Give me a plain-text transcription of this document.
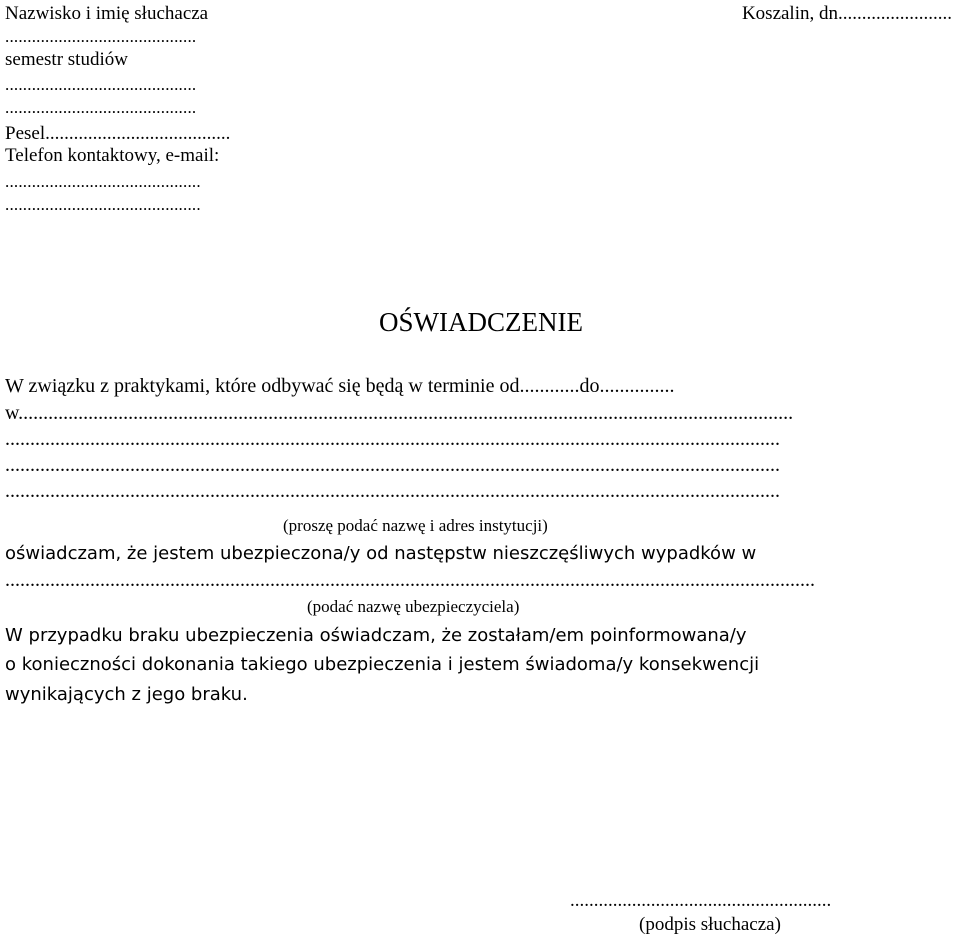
Nazwisko i imię słuchacza
...........................................
semestr studiów
...........................................
...........................................
Pesel.......................................
Telefon kontaktowy, e-mail:
............................................
............................................
Koszalin, dn........................
OŚWIADCZENIE
W związku z praktykami, które odbywać się będą w terminie od............do...............
w...........................................................................................................................................................
...........................................................................................................................................................
...........................................................................................................................................................
...........................................................................................................................................................
(proszę podać nazwę i adres instytucji)
oświadczam, że jestem ubezpieczona/y od następstw nieszczęśliwych wypadków w
..................................................................................................................................................................
(podać nazwę ubezpieczyciela)
W przypadku braku ubezpieczenia oświadczam, że zostałam/em poinformowana/y
o konieczności dokonania takiego ubezpieczenia i jestem świadoma/y konsekwencji
wynikających z jego braku.
.......................................................
(podpis słuchacza)
